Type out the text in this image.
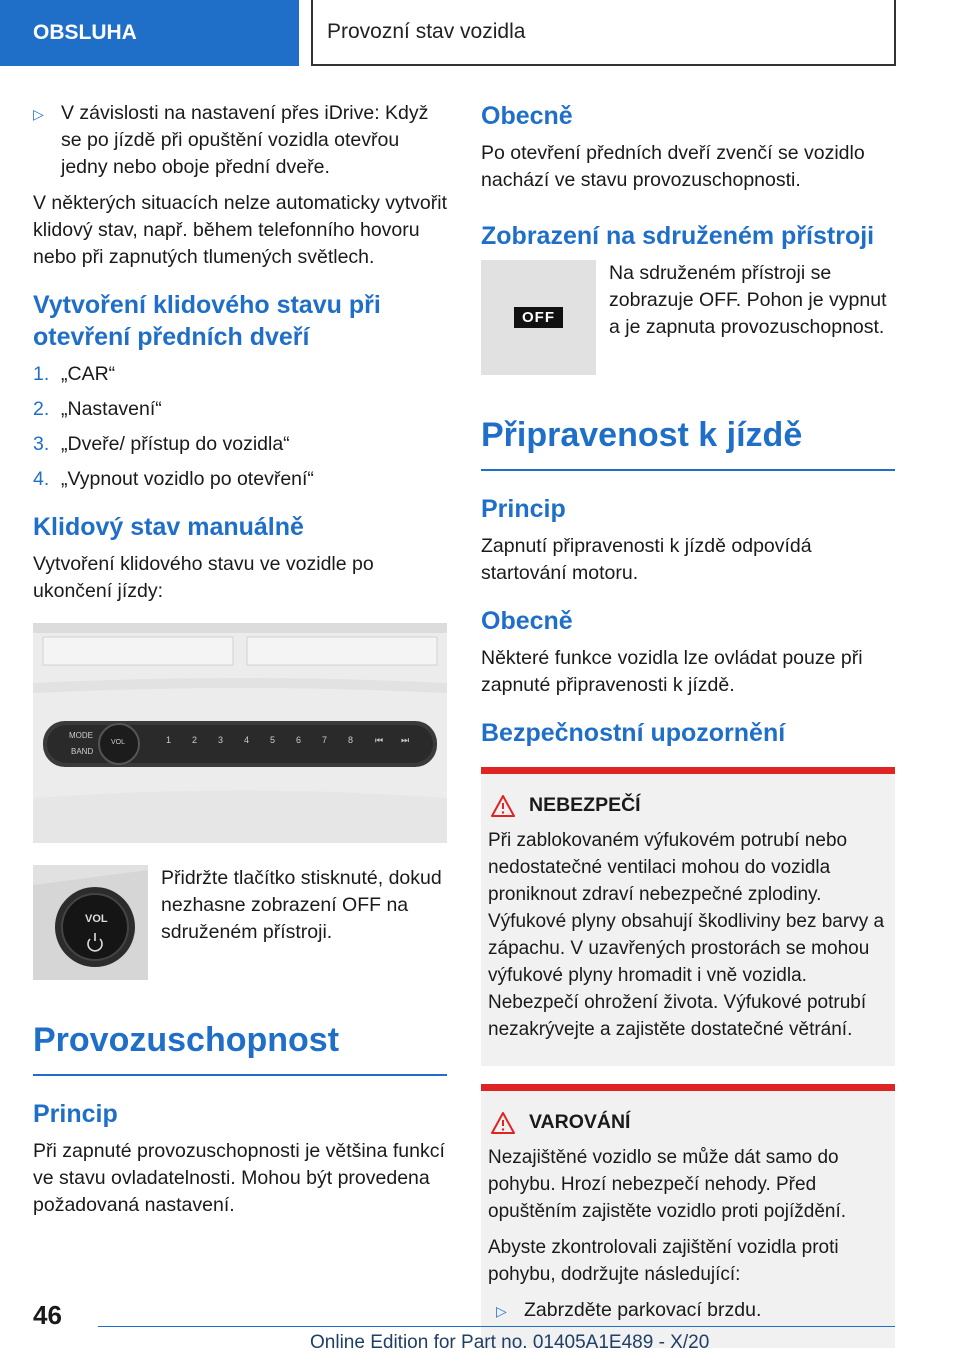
OBSLUHA	Provozní stav vozidla
▷ V závislosti na nastavení přes iDrive: Když se po jízdě při opuštění vozidla otevřou jedny nebo oboje přední dveře.

V některých situacích nelze automaticky vytvořit klidový stav, např. během telefonního hovoru nebo při zapnutých tlumených světlech.

Vytvoření klidového stavu při otevření předních dveří
1. „CAR“
2. „Nastavení“
3. „Dveře/ přístup do vozidla“
4. „Vypnout vozidlo po otevření“
Klidový stav manuálně

Vytvoření klidového stavu ve vozidle po ukončení jízdy:

MODE
BAND
VOL	1 2 3 4 5 6 7 8 ⏮ ⏭
VOL

Přidržte tlačítko stisknuté, dokud nezhasne zobrazení OFF na sdruženém přístroji.

Provozuschopnost
Princip

Při zapnuté provozuschopnosti je většina funkcí ve stavu ovladatelnosti. Mohou být provedena požadovaná nastavení.

Obecně

Po otevření předních dveří zvenčí se vozidlo nachází ve stavu provozuschopnosti.

Zobrazení na sdruženém přístroji
OFF

Na sdruženém přístroji se zobrazuje OFF. Pohon je vypnut a je zapnuta provozuschopnost.

Připravenost k jízdě
Princip

Zapnutí připravenosti k jízdě odpovídá startování motoru.

Obecně

Některé funkce vozidla lze ovládat pouze při zapnuté připravenosti k jízdě.

Bezpečnostní upozornění
NEBEZPEČÍ

Při zablokovaném výfukovém potrubí nebo nedostatečné ventilaci mohou do vozidla proniknout zdraví nebezpečné zplodiny. Výfukové plyny obsahují škodliviny bez barvy a zápachu. V uzavřených prostorách se mohou výfukové plyny hromadit i vně vozidla. Nebezpečí ohrožení života. Výfukové potrubí nezakrývejte a zajistěte dostatečné větrání.

VAROVÁNÍ

Nezajištěné vozidlo se může dát samo do pohybu. Hrozí nebezpečí nehody. Před opuštěním zajistěte vozidlo proti pojíždění.

Abyste zkontrolovali zajištění vozidla proti pohybu, dodržujte následující:

▷ Zabrzděte parkovací brzdu.
46
Online Edition for Part no. 01405A1E489 - X/20
